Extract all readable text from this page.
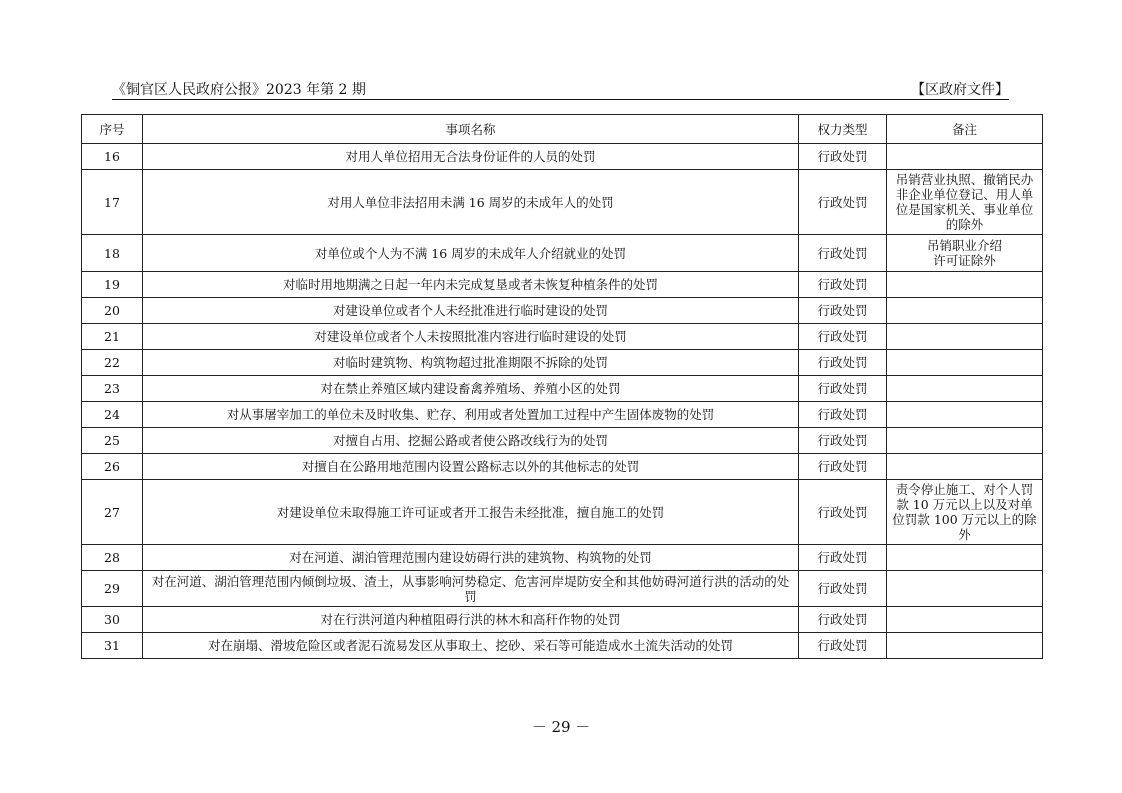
《铜官区人民政府公报》2023 年第 2 期	【区政府文件】
序号	事项名称	权力类型	备注
16	对用人单位招用无合法身份证件的人员的处罚	行政处罚	
17	对用人单位非法招用未满 16 周岁的未成年人的处罚	行政处罚	吊销营业执照、撤销民办非企业单位登记、用人单位是国家机关、事业单位的除外
18	对单位或个人为不满 16 周岁的未成年人介绍就业的处罚	行政处罚	吊销职业介绍
许可证除外
19	对临时用地期满之日起一年内未完成复垦或者未恢复种植条件的处罚	行政处罚	
20	对建设单位或者个人未经批准进行临时建设的处罚	行政处罚	
21	对建设单位或者个人未按照批准内容进行临时建设的处罚	行政处罚	
22	对临时建筑物、构筑物超过批准期限不拆除的处罚	行政处罚	
23	对在禁止养殖区域内建设畜禽养殖场、养殖小区的处罚	行政处罚	
24	对从事屠宰加工的单位未及时收集、贮存、利用或者处置加工过程中产生固体废物的处罚	行政处罚	
25	对擅自占用、挖掘公路或者使公路改线行为的处罚	行政处罚	
26	对擅自在公路用地范围内设置公路标志以外的其他标志的处罚	行政处罚	
27	对建设单位未取得施工许可证或者开工报告未经批准，擅自施工的处罚	行政处罚	责令停止施工、对个人罚款 10 万元以上以及对单位罚款 100 万元以上的除外
28	对在河道、湖泊管理范围内建设妨碍行洪的建筑物、构筑物的处罚	行政处罚	
29	对在河道、湖泊管理范围内倾倒垃圾、渣土，从事影响河势稳定、危害河岸堤防安全和其他妨碍河道行洪的活动的处罚	行政处罚	
30	对在行洪河道内种植阻碍行洪的林木和高秆作物的处罚	行政处罚	
31	对在崩塌、滑坡危险区或者泥石流易发区从事取土、挖砂、采石等可能造成水土流失活动的处罚	行政处罚	
－ 29 －
